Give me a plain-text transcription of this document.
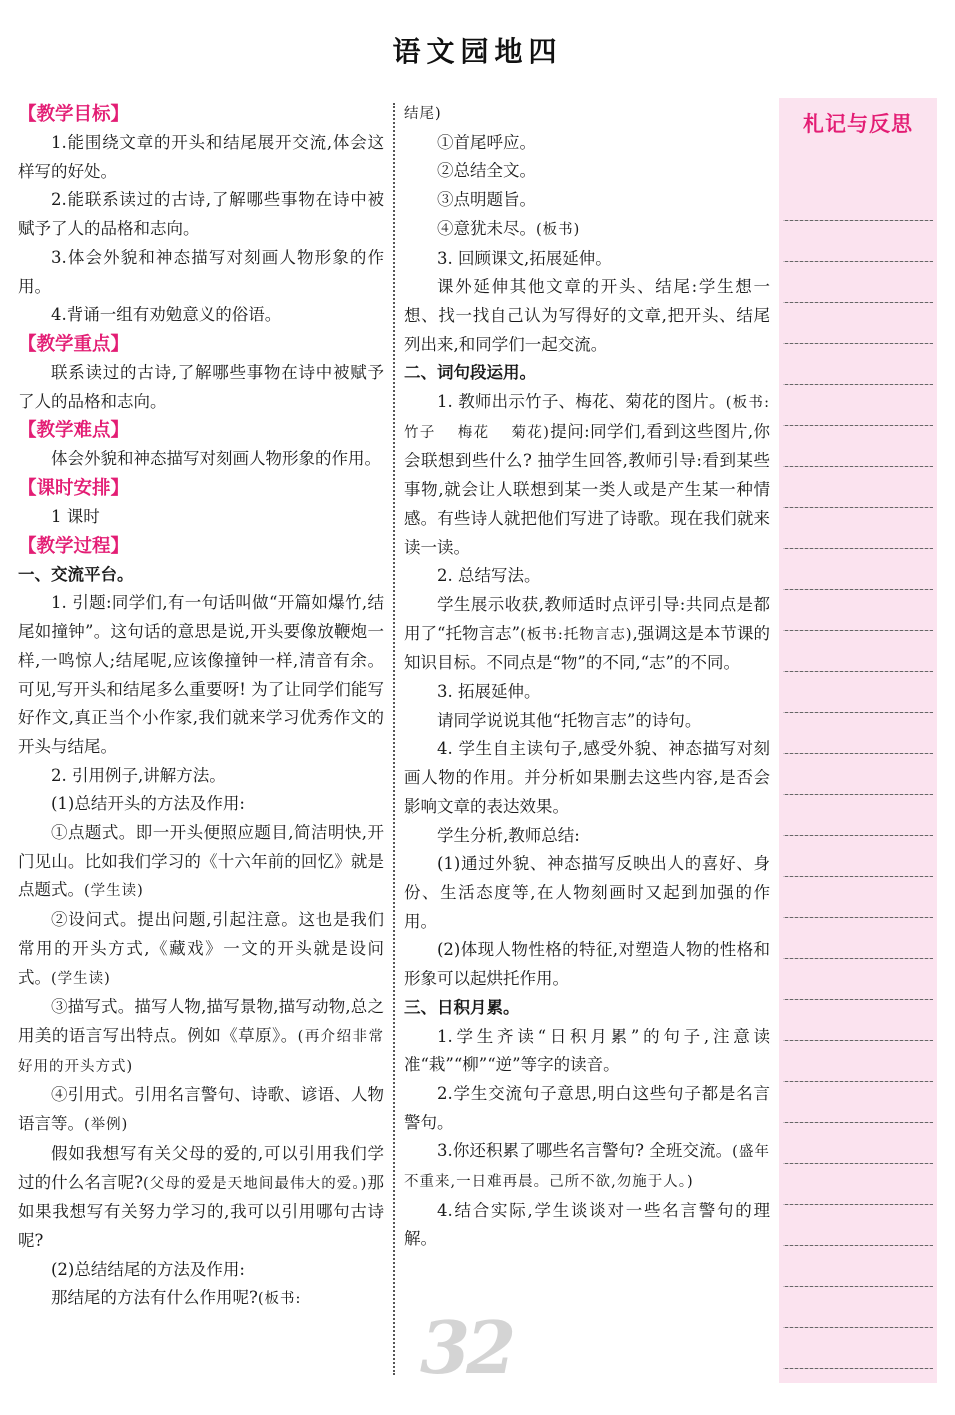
语文园地四
【教学目标】

1.能围绕文章的开头和结尾展开交流,体会这样写的好处。

2.能联系读过的古诗,了解哪些事物在诗中被赋予了人的品格和志向。

3.体会外貌和神态描写对刻画人物形象的作用。

4.背诵一组有劝勉意义的俗语。

【教学重点】

联系读过的古诗,了解哪些事物在诗中被赋予了人的品格和志向。

【教学难点】

体会外貌和神态描写对刻画人物形象的作用。

【课时安排】

1 课时

【教学过程】
一、交流平台。

1. 引题:同学们,有一句话叫做“开篇如爆竹,结尾如撞钟”。这句话的意思是说,开头要像放鞭炮一样,一鸣惊人;结尾呢,应该像撞钟一样,清音有余。可见,写开头和结尾多么重要呀! 为了让同学们能写好作文,真正当个小作家,我们就来学习优秀作文的开头与结尾。

2. 引用例子,讲解方法。

(1)总结开头的方法及作用:

①点题式。即一开头便照应题目,简洁明快,开门见山。比如我们学习的《十六年前的回忆》就是点题式。(学生读)

②设问式。提出问题,引起注意。这也是我们常用的开头方式,《藏戏》一文的开头就是设问式。(学生读)

③描写式。描写人物,描写景物,描写动物,总之用美的语言写出特点。例如《草原》。(再介绍非常好用的开头方式)

④引用式。引用名言警句、诗歌、谚语、人物语言等。(举例)

假如我想写有关父母的爱的,可以引用我们学过的什么名言呢?(父母的爱是天地间最伟大的爱。)那如果我想写有关努力学习的,我可以引用哪句古诗呢?

(2)总结结尾的方法及作用:

那结尾的方法有什么作用呢?(板书:

结尾)

①首尾呼应。

②总结全文。

③点明题旨。

④意犹未尽。(板书)

3. 回顾课文,拓展延伸。

课外延伸其他文章的开头、结尾:学生想一想、找一找自己认为写得好的文章,把开头、结尾列出来,和同学们一起交流。

二、词句段运用。

1. 教师出示竹子、梅花、菊花的图片。(板书:竹子　 梅花　 菊花)提问:同学们,看到这些图片,你会联想到些什么? 抽学生回答,教师引导:看到某些事物,就会让人联想到某一类人或是产生某一种情感。有些诗人就把他们写进了诗歌。现在我们就来读一读。

2. 总结写法。

学生展示收获,教师适时点评引导:共同点是都用了“托物言志”(板书:托物言志),强调这是本节课的知识目标。不同点是“物”的不同,“志”的不同。

3. 拓展延伸。

请同学说说其他“托物言志”的诗句。

4. 学生自主读句子,感受外貌、神态描写对刻画人物的作用。并分析如果删去这些内容,是否会影响文章的表达效果。

学生分析,教师总结:

(1)通过外貌、神态描写反映出人的喜好、身份、生活态度等,在人物刻画时又起到加强的作用。

(2)体现人物性格的特征,对塑造人物的性格和形象可以起烘托作用。

三、日积月累。

1.学生齐读“日积月累”的句子,注意读准“栽”“柳”“逆”等字的读音。

2.学生交流句子意思,明白这些句子都是名言警句。

3.你还积累了哪些名言警句? 全班交流。(盛年不重来,一日难再晨。己所不欲,勿施于人。)

4.结合实际,学生谈谈对一些名言警句的理解。

32
札记与反思
